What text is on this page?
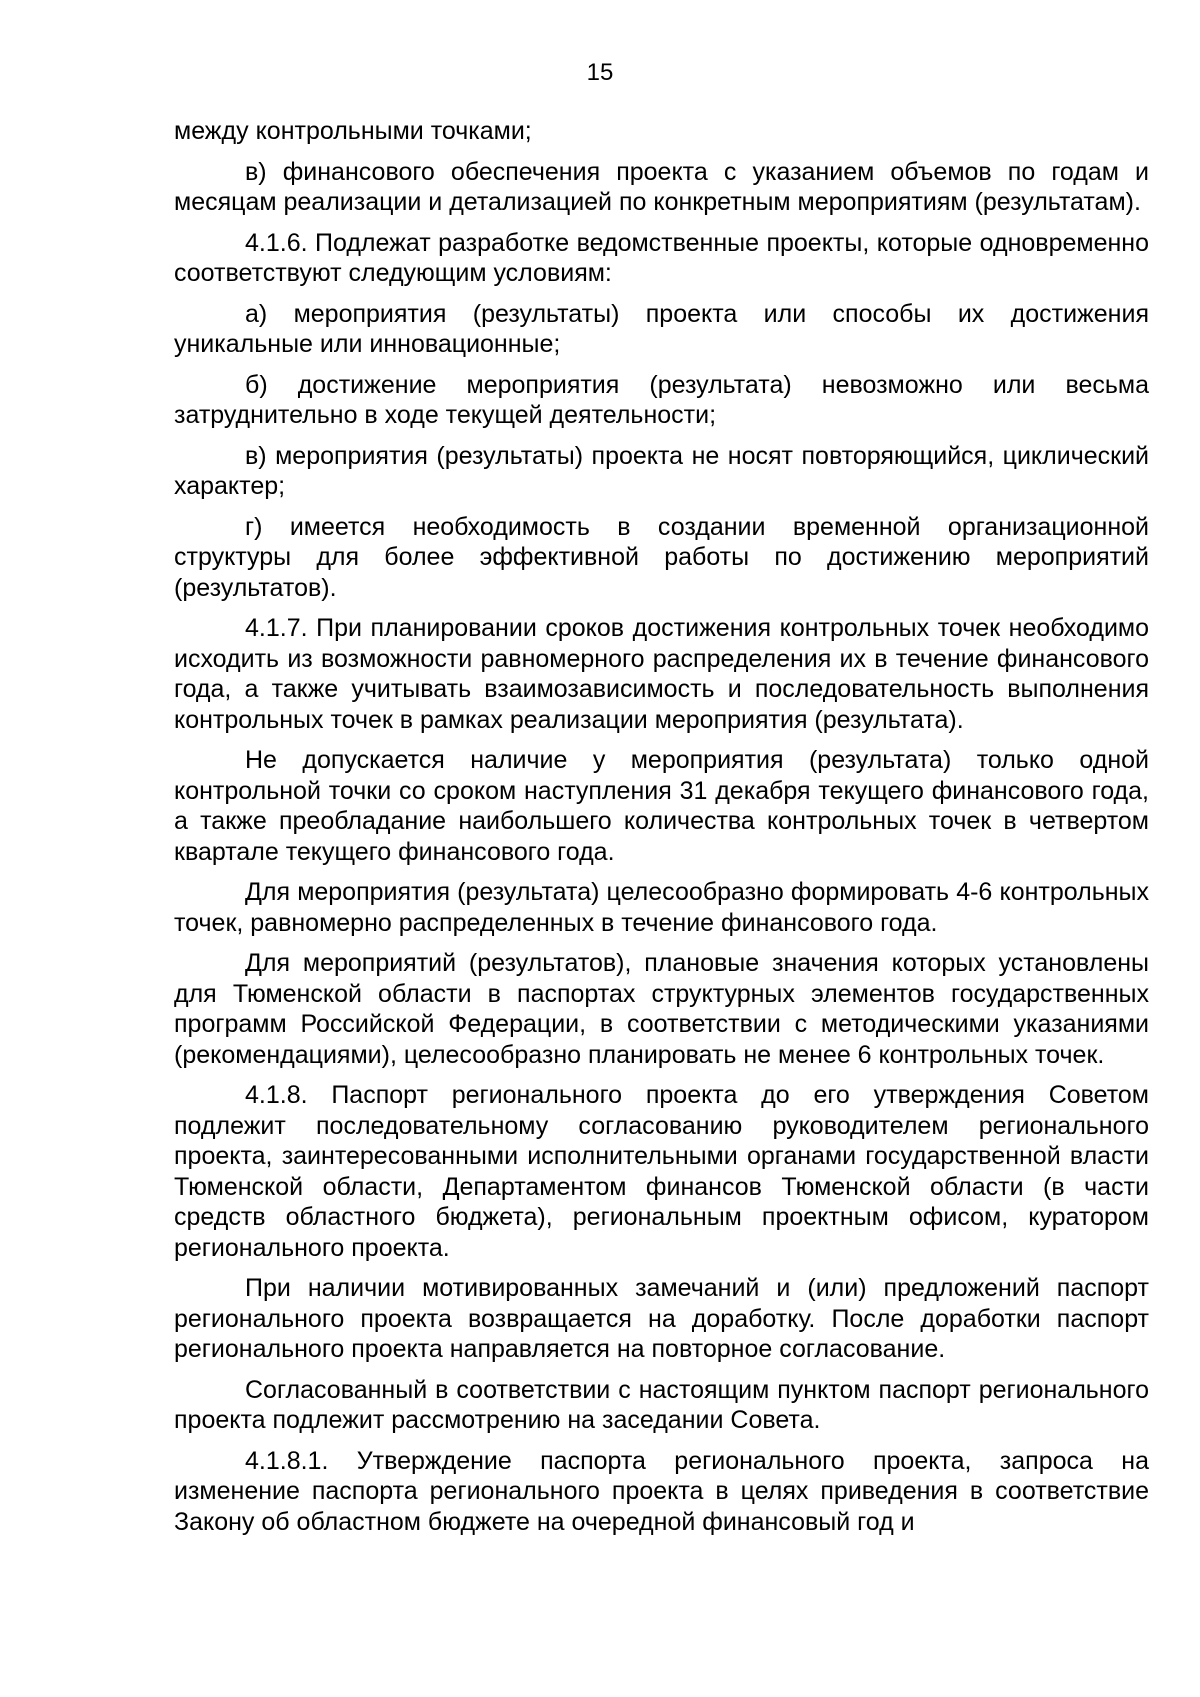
15

между контрольными точками;

в) финансового обеспечения проекта с указанием объемов по годам и месяцам реализации и детализацией по конкретным мероприятиям (результатам).

4.1.6. Подлежат разработке ведомственные проекты, которые одновременно соответствуют следующим условиям:

а) мероприятия (результаты) проекта или способы их достижения уникальные или инновационные;

б) достижение мероприятия (результата) невозможно или весьма затруднительно в ходе текущей деятельности;

в) мероприятия (результаты) проекта не носят повторяющийся, циклический характер;

г) имеется необходимость в создании временной организационной структуры для более эффективной работы по достижению мероприятий (результатов).

4.1.7. При планировании сроков достижения контрольных точек необходимо исходить из возможности равномерного распределения их в течение финансового года, а также учитывать взаимозависимость и последовательность выполнения контрольных точек в рамках реализации мероприятия (результата).

Не допускается наличие у мероприятия (результата) только одной контрольной точки со сроком наступления 31 декабря текущего финансового года, а также преобладание наибольшего количества контрольных точек в четвертом квартале текущего финансового года.

Для мероприятия (результата) целесообразно формировать 4-6 контрольных точек, равномерно распределенных в течение финансового года.

Для мероприятий (результатов), плановые значения которых установлены для Тюменской области в паспортах структурных элементов государственных программ Российской Федерации, в соответствии с методическими указаниями (рекомендациями), целесообразно планировать не менее 6 контрольных точек.

4.1.8. Паспорт регионального проекта до его утверждения Советом подлежит последовательному согласованию руководителем регионального проекта, заинтересованными исполнительными органами государственной власти Тюменской области, Департаментом финансов Тюменской области (в части средств областного бюджета), региональным проектным офисом, куратором регионального проекта.

При наличии мотивированных замечаний и (или) предложений паспорт регионального проекта возвращается на доработку. После доработки паспорт регионального проекта направляется на повторное согласование.

Согласованный в соответствии с настоящим пунктом паспорт регионального проекта подлежит рассмотрению на заседании Совета.

4.1.8.1. Утверждение паспорта регионального проекта, запроса на изменение паспорта регионального проекта в целях приведения в соответствие Закону об областном бюджете на очередной финансовый год и
